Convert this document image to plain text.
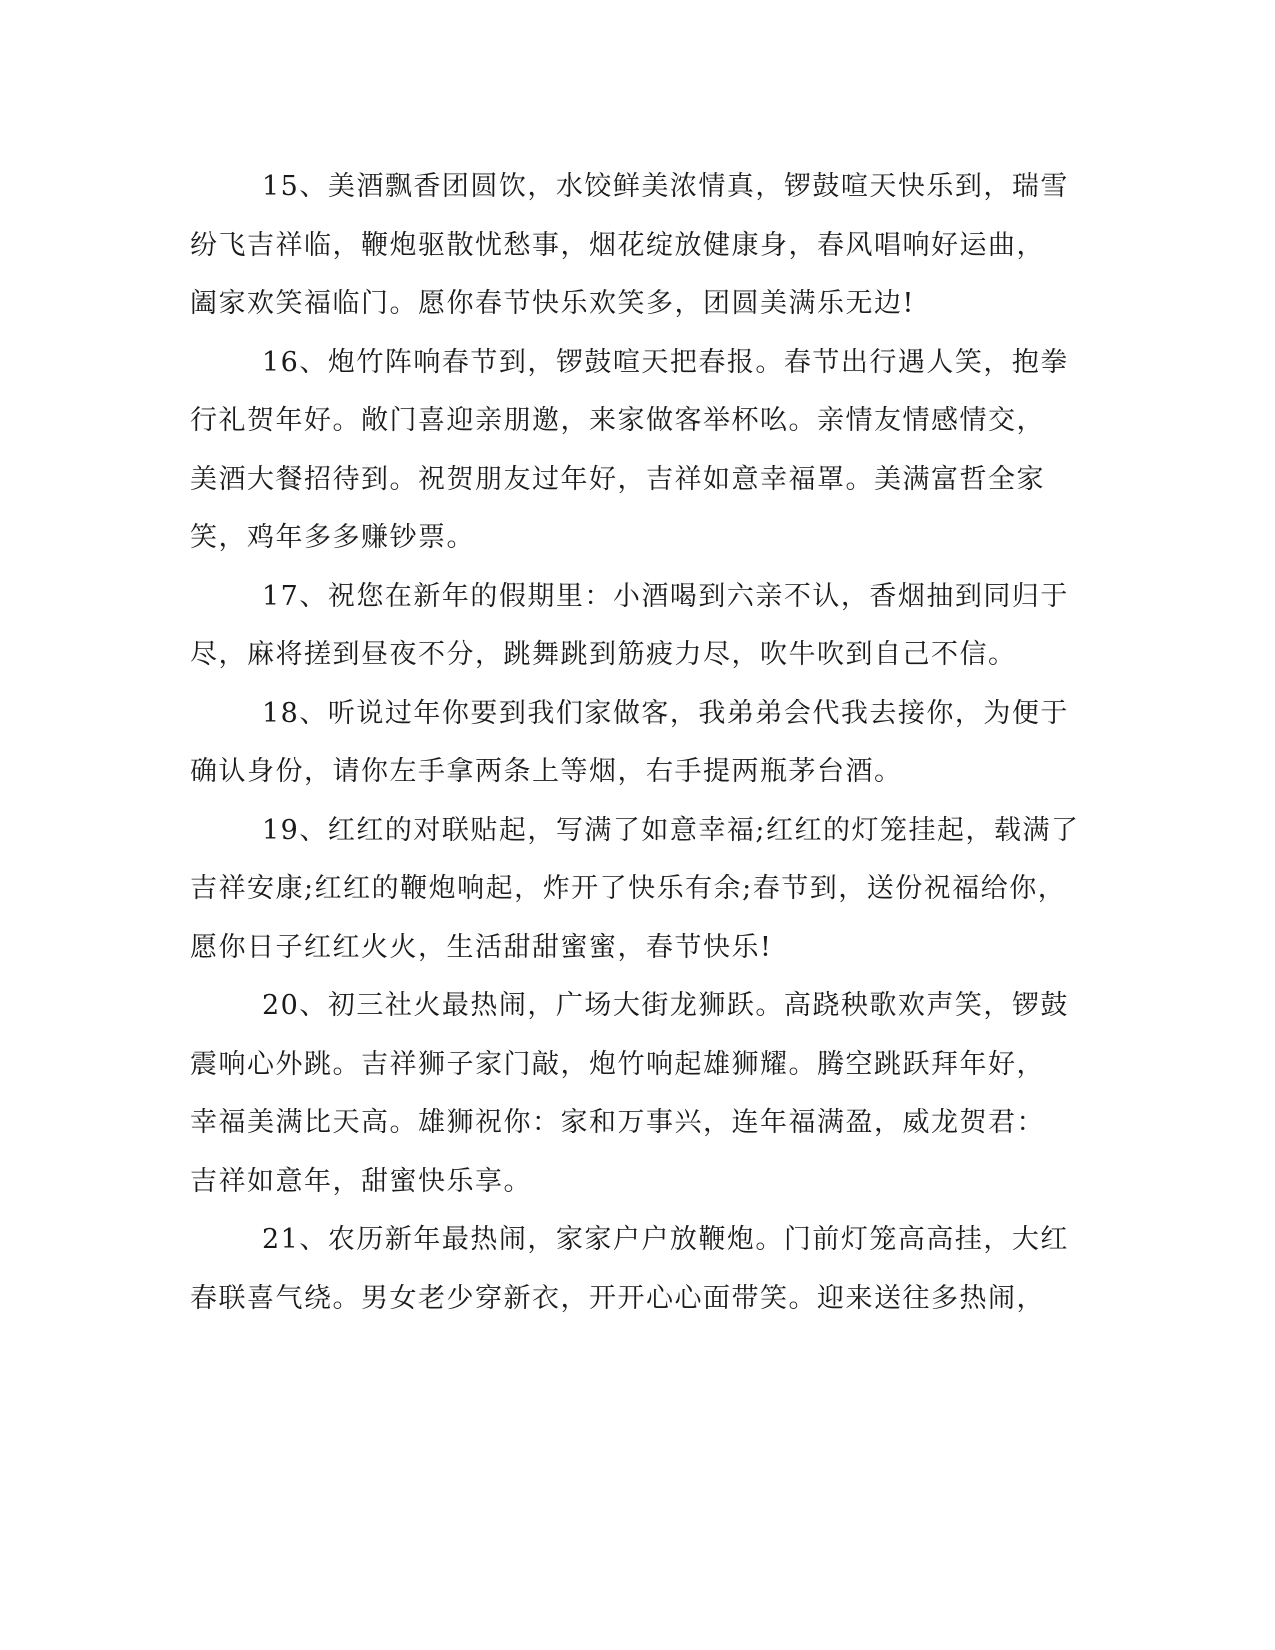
15、美酒飘香团圆饮，水饺鲜美浓情真，锣鼓喧天快乐到，瑞雪
纷飞吉祥临，鞭炮驱散忧愁事，烟花绽放健康身，春风唱响好运曲，
阖家欢笑福临门。愿你春节快乐欢笑多，团圆美满乐无边!

16、炮竹阵响春节到，锣鼓喧天把春报。春节出行遇人笑，抱拳
行礼贺年好。敞门喜迎亲朋邀，来家做客举杯吆。亲情友情感情交，
美酒大餐招待到。祝贺朋友过年好，吉祥如意幸福罩。美满富哲全家
笑，鸡年多多赚钞票。

17、祝您在新年的假期里：小酒喝到六亲不认，香烟抽到同归于
尽，麻将搓到昼夜不分，跳舞跳到筋疲力尽，吹牛吹到自己不信。

18、听说过年你要到我们家做客，我弟弟会代我去接你，为便于
确认身份，请你左手拿两条上等烟，右手提两瓶茅台酒。

19、红红的对联贴起，写满了如意幸福;红红的灯笼挂起，载满了
吉祥安康;红红的鞭炮响起，炸开了快乐有余;春节到，送份祝福给你，
愿你日子红红火火，生活甜甜蜜蜜，春节快乐!

20、初三社火最热闹，广场大街龙狮跃。高跷秧歌欢声笑，锣鼓
震响心外跳。吉祥狮子家门敲，炮竹响起雄狮耀。腾空跳跃拜年好，
幸福美满比天高。雄狮祝你：家和万事兴，连年福满盈，威龙贺君：
吉祥如意年，甜蜜快乐享。

21、农历新年最热闹，家家户户放鞭炮。门前灯笼高高挂，大红
春联喜气绕。男女老少穿新衣，开开心心面带笑。迎来送往多热闹，
